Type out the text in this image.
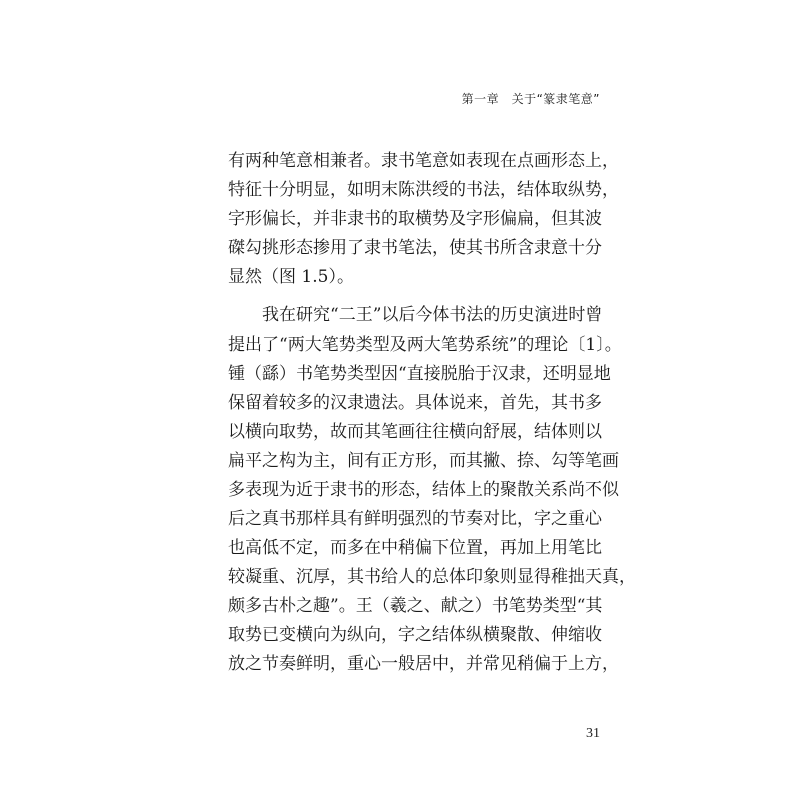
第一章　关于“篆隶笔意”
有两种笔意相兼者。隶书笔意如表现在点画形态上，
特征十分明显，如明末陈洪绶的书法，结体取纵势，
字形偏长，并非隶书的取横势及字形偏扁，但其波
磔勾挑形态掺用了隶书笔法，使其书所含隶意十分
显然（图 1.5）。
我在研究“二王”以后今体书法的历史演进时曾
提出了“两大笔势类型及两大笔势系统”的理论〔1〕。
锺（繇）书笔势类型因“直接脱胎于汉隶，还明显地
保留着较多的汉隶遗法。具体说来，首先，其书多
以横向取势，故而其笔画往往横向舒展，结体则以
扁平之构为主，间有正方形，而其撇、捺、勾等笔画
多表现为近于隶书的形态，结体上的聚散关系尚不似
后之真书那样具有鲜明强烈的节奏对比，字之重心
也高低不定，而多在中稍偏下位置，再加上用笔比
较凝重、沉厚，其书给人的总体印象则显得稚拙天真，
颇多古朴之趣”。王（羲之、献之）书笔势类型“其
取势已变横向为纵向，字之结体纵横聚散、伸缩收
放之节奏鲜明，重心一般居中，并常见稍偏于上方，
31
